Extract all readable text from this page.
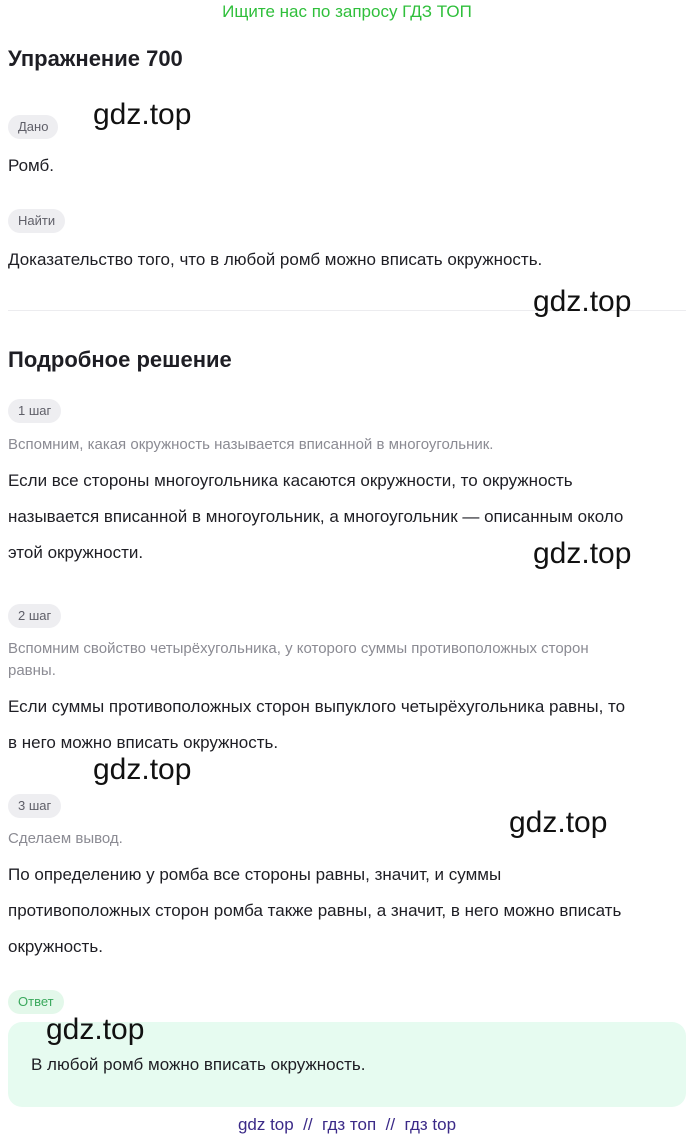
Ищите нас по запросу ГДЗ ТОП
Упражнение 700
Дано
Ромб.
Найти
Доказательство того, что в любой ромб можно вписать окружность.
Подробное решение
1 шаг
Вспомним, какая окружность называется вписанной в многоугольник.
Если все стороны многоугольника касаются окружности, то окружность
называется вписанной в многоугольник, а многоугольник — описанным около
этой окружности.
2 шаг
Вспомним свойство четырёхугольника, у которого суммы противоположных сторон
равны.
Если суммы противоположных сторон выпуклого четырёхугольника равны, то
в него можно вписать окружность.
3 шаг
Сделаем вывод.
По определению у ромба все стороны равны, значит, и суммы
противоположных сторон ромба также равны, а значит, в него можно вписать
окружность.
Ответ
В любой ромб можно вписать окружность.
gdz.top
gdz.top
gdz.top
gdz.top
gdz.top
gdz.top
gdz top  //  гдз топ  //  гдз top
